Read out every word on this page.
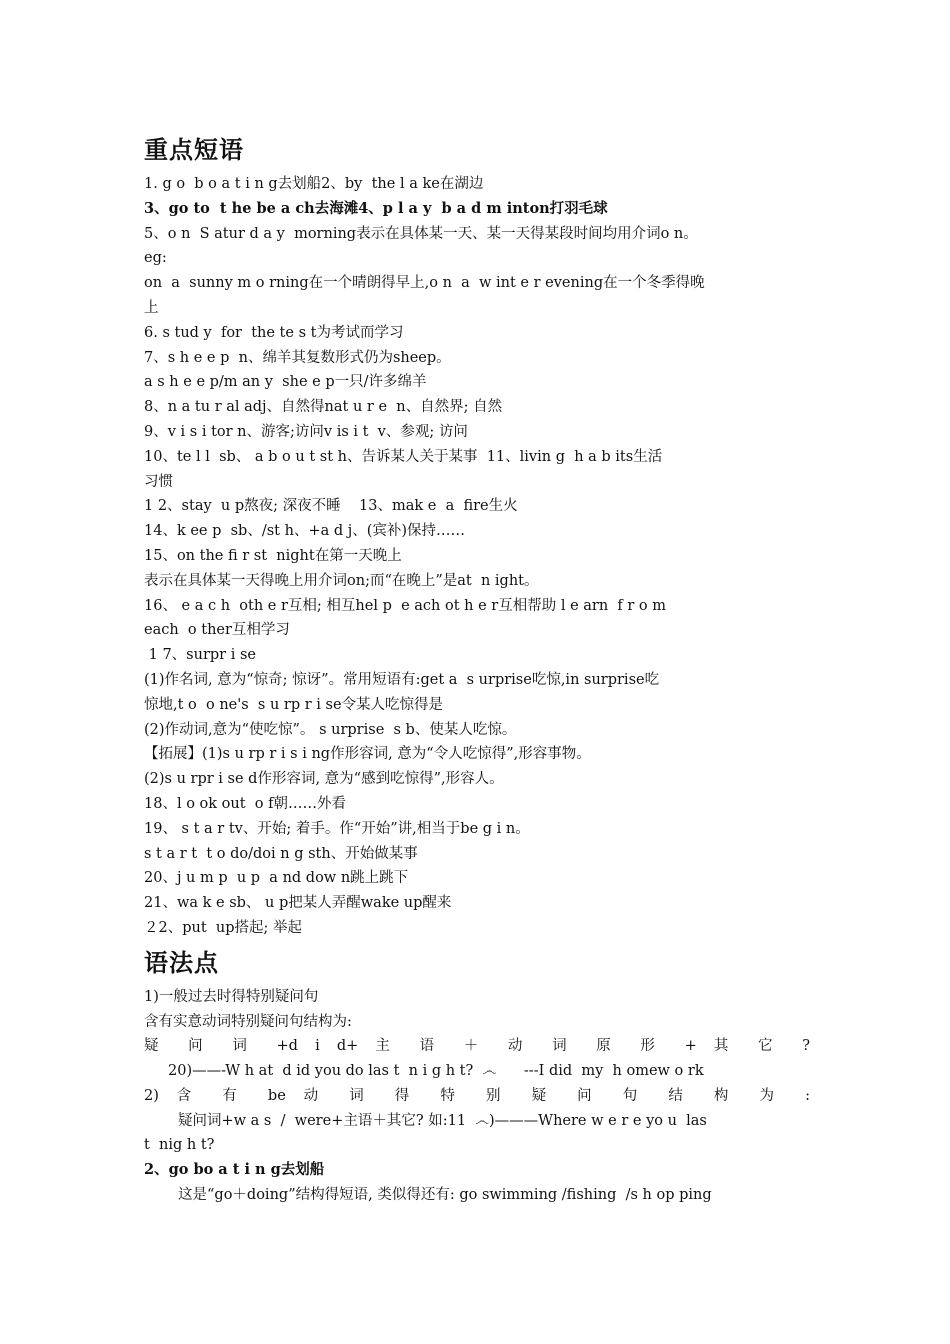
重点短语

1. g o  b o a t i n g去划船2、by  the l a ke在湖边

3、go to  t he be a ch去海滩4、p l a y  b a d m inton打羽毛球

5、o n  S atur d a y  morning表示在具体某一天、某一天得某段时间均用介词o n。

eg:

on  a  sunny m o rning在一个晴朗得早上,o n  a  w int e r evening在一个冬季得晚

上

6. s tud y  for  the te s t为考试而学习

7、s h e e p  n、绵羊其复数形式仍为sheep。

a s h e e p/m an y  she e p一只/许多绵羊

8、n a tu r al adj、自然得nat u r e  n、自然界; 自然

9、v i s i tor n、游客;访问v is i t  v、参观; 访问

10、te l l  sb、 a b o u t st h、告诉某人关于某事  11、livin g  h a b its生活

习惯

1 2、stay  u p熬夜; 深夜不睡    13、mak e  a  fire生火

14、k ee p  sb、/st h、+a d j、(宾补)保持……

15、on the fi r st  night在第一天晚上

表示在具体某一天得晚上用介词on;而“在晚上”是at  n ight。

16、 e a c h  oth e r互相; 相互hel p  e ach ot h e r互相帮助 l e arn  f r o m

each  o ther互相学习

1 7、surpr i se

(1)作名词, 意为“惊奇; 惊讶”。常用短语有:get a  s urprise吃惊,in surprise吃

惊地,t o  o ne's  s u rp r i se令某人吃惊得是

(2)作动词,意为“使吃惊”。 s urprise  s b、使某人吃惊。

【拓展】(1)s u rp r i s i ng作形容词, 意为“令人吃惊得”,形容事物。

(2)s u rpr i se d作形容词, 意为“感到吃惊得”,形容人。

18、l o ok out  o f朝……外看

19、 s t a r tv、开始; 着手。作“开始”讲,相当于be g i n。

s t a r t  t o do/doi n g sth、开始做某事

20、j u m p  u p  a nd dow n跳上跳下

21、wa k e sb、 u p把某人弄醒wake up醒来

２2、put  up搭起; 举起

语法点

1)一般过去时得特别疑问句

含有实意动词特别疑问句结构为:

疑 问 词 +d i d+ 主 语 ＋ 动 词 原 形 + 其 它 ?

20)——-W h at  d id you do las t  n i g h t?  ෴      ---I did  my  h omew o rk

2) 含 有 be 动 词 得 特 别 疑 问 句 结 构 为 :

疑问词+w a s  /  were+主语＋其它? 如:11  ෴)———Where w e r e yo u  las

t  nig h t?

2、go bo a t i n g去划船

这是“go＋doing”结构得短语, 类似得还有: go swimming /fishing  /s h op ping
